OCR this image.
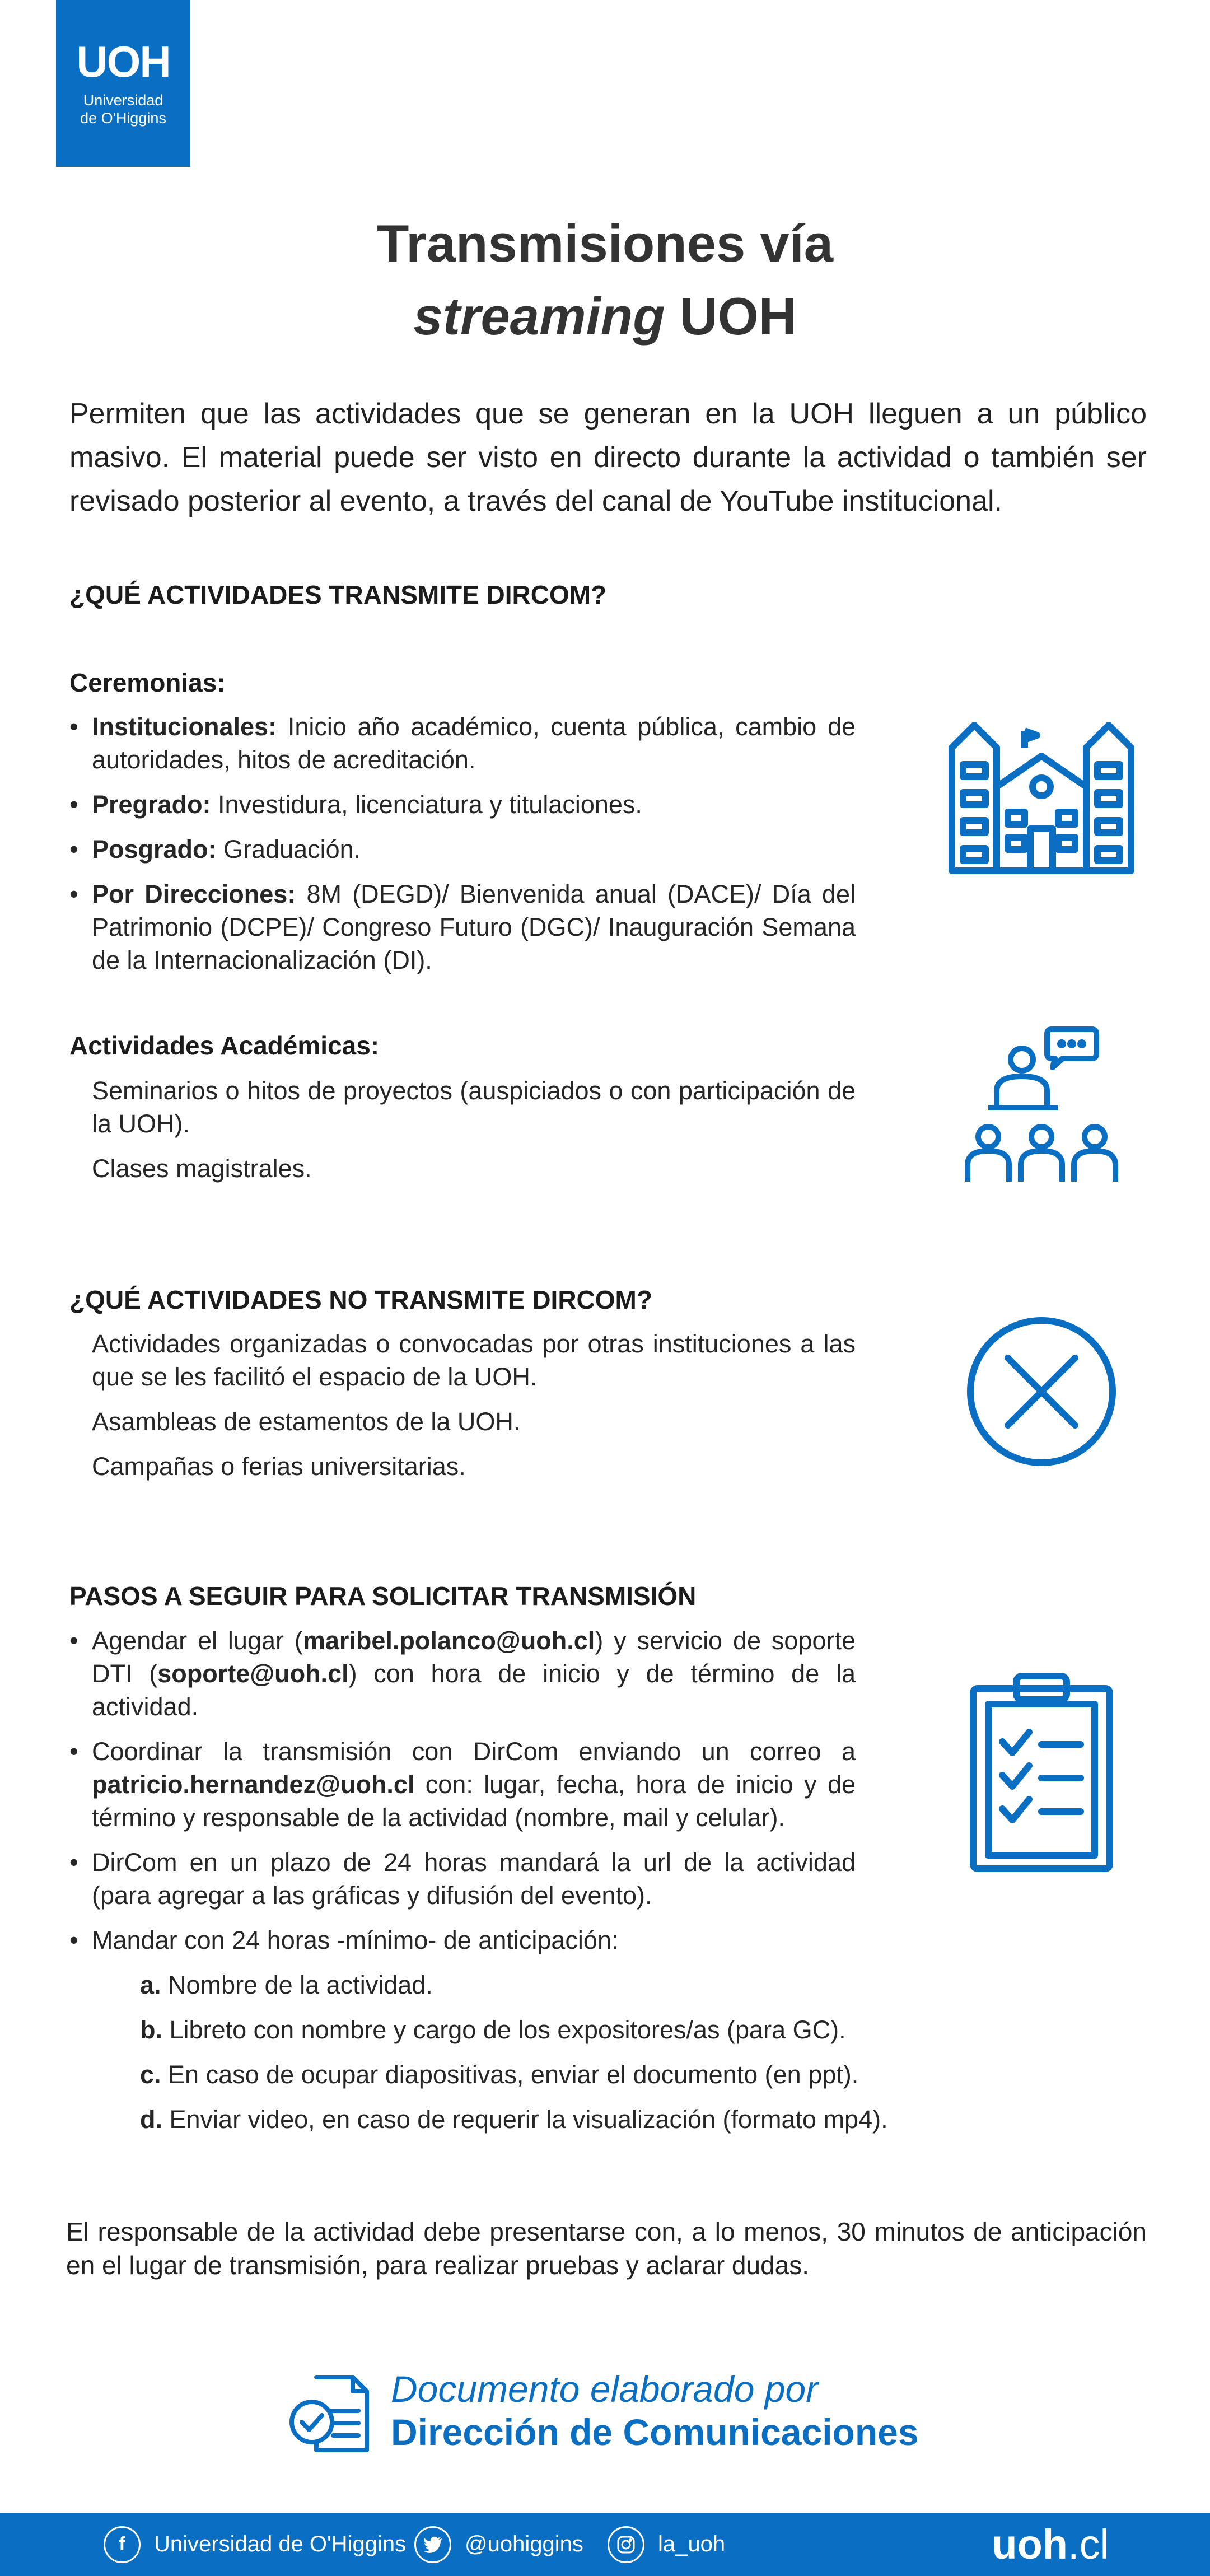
UOH
Universidad
de O'Higgins
Transmisiones vía
streaming UOH
Permiten que las actividades que se generan en la UOH lleguen a un público masivo. El material puede ser visto en directo durante la actividad o también ser revisado posterior al evento, a través del canal de YouTube institucional.
¿QUÉ ACTIVIDADES TRANSMITE DIRCOM?
Ceremonias:
• Institucionales: Inicio año académico, cuenta pública, cambio de autoridades, hitos de acreditación.
• Pregrado: Investidura, licenciatura y titulaciones.
• Posgrado: Graduación.
• Por Direcciones: 8M (DEGD)/ Bienvenida anual (DACE)/ Día del Patrimonio (DCPE)/ Congreso Futuro (DGC)/ Inauguración Semana de la Internacionalización (DI).
Actividades Académicas:
Seminarios o hitos de proyectos (auspiciados o con participación de la UOH).
Clases magistrales.
¿QUÉ ACTIVIDADES NO TRANSMITE DIRCOM?
Actividades organizadas o convocadas por otras instituciones a las que se les facilitó el espacio de la UOH.
Asambleas de estamentos de la UOH.
Campañas o ferias universitarias.
PASOS A SEGUIR PARA SOLICITAR TRANSMISIÓN
• Agendar el lugar (maribel.polanco@uoh.cl) y servicio de soporte DTI (soporte@uoh.cl) con hora de inicio y de término de la actividad.
• Coordinar la transmisión con DirCom enviando un correo a patricio.hernandez@uoh.cl con: lugar, fecha, hora de inicio y de término y responsable de la actividad (nombre, mail y celular).
• DirCom en un plazo de 24 horas mandará la url de la actividad (para agregar a las gráficas y difusión del evento).
• Mandar con 24 horas -mínimo- de anticipación:
a. Nombre de la actividad.
b. Libreto con nombre y cargo de los expositores/as (para GC).
c. En caso de ocupar diapositivas, enviar el documento (en ppt).
d. Enviar video, en caso de requerir la visualización (formato mp4).
El responsable de la actividad debe presentarse con, a lo menos, 30 minutos de anticipación en el lugar de transmisión, para realizar pruebas y aclarar dudas.
Documento elaborado por
Dirección de Comunicaciones
f	Universidad de O'Higgins	@uohiggins	la_uoh	uoh .cl
